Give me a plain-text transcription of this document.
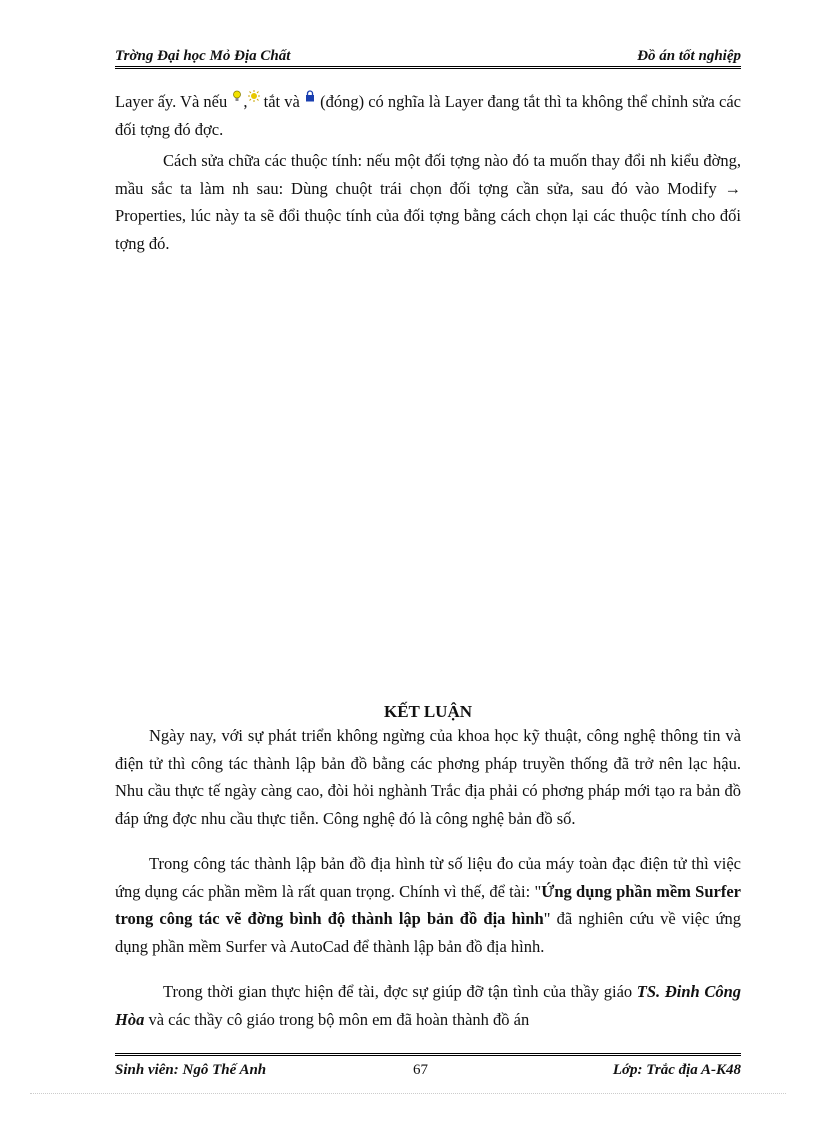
Trờng Đại học Mỏ Địa Chất	Đồ án tốt nghiệp

Layer ấy. Và nếu , tắt và  (đóng) có nghĩa là Layer đang tắt thì ta không thể chỉnh sửa các đối tợng đó đợc.

Cách sửa chữa các thuộc tính: nếu một đối tợng nào đó ta muốn thay đổi nh kiểu đờng, mầu sắc ta làm nh sau: Dùng chuột trái chọn đối tợng cần sửa, sau đó vào Modify → Properties, lúc này ta sẽ đổi thuộc tính của đối tợng bằng cách chọn lại các thuộc tính cho đối tợng đó.

KẾT LUẬN

Ngày nay, với sự phát triển không ngừng của khoa học kỹ thuật, công nghệ thông tin và điện tử thì công tác thành lập bản đồ bằng các phơng pháp truyền thống đã trở nên lạc hậu. Nhu cầu thực tế ngày càng cao, đòi hỏi nghành Trắc địa phải có phơng pháp mới tạo ra bản đồ đáp ứng đợc nhu cầu thực tiễn. Công nghệ đó là công nghệ bản đồ số.

Trong công tác thành lập bản đồ địa hình từ số liệu đo của máy toàn đạc điện tử thì việc ứng dụng các phần mềm là rất quan trọng. Chính vì thế, để tài: "Ứng dụng phần mềm Surfer trong công tác vẽ đờng bình độ thành lập bản đồ địa hình" đã nghiên cứu về việc ứng dụng phần mềm Surfer và AutoCad để thành lập bản đồ địa hình.

Trong thời gian thực hiện để tài, đợc sự giúp đỡ tận tình của thầy giáo TS. Đinh Công Hòa và các thầy cô giáo trong bộ môn em đã hoàn thành đồ án

Sinh viên: Ngô Thế Anh	67	Lớp: Trắc địa A-K48
